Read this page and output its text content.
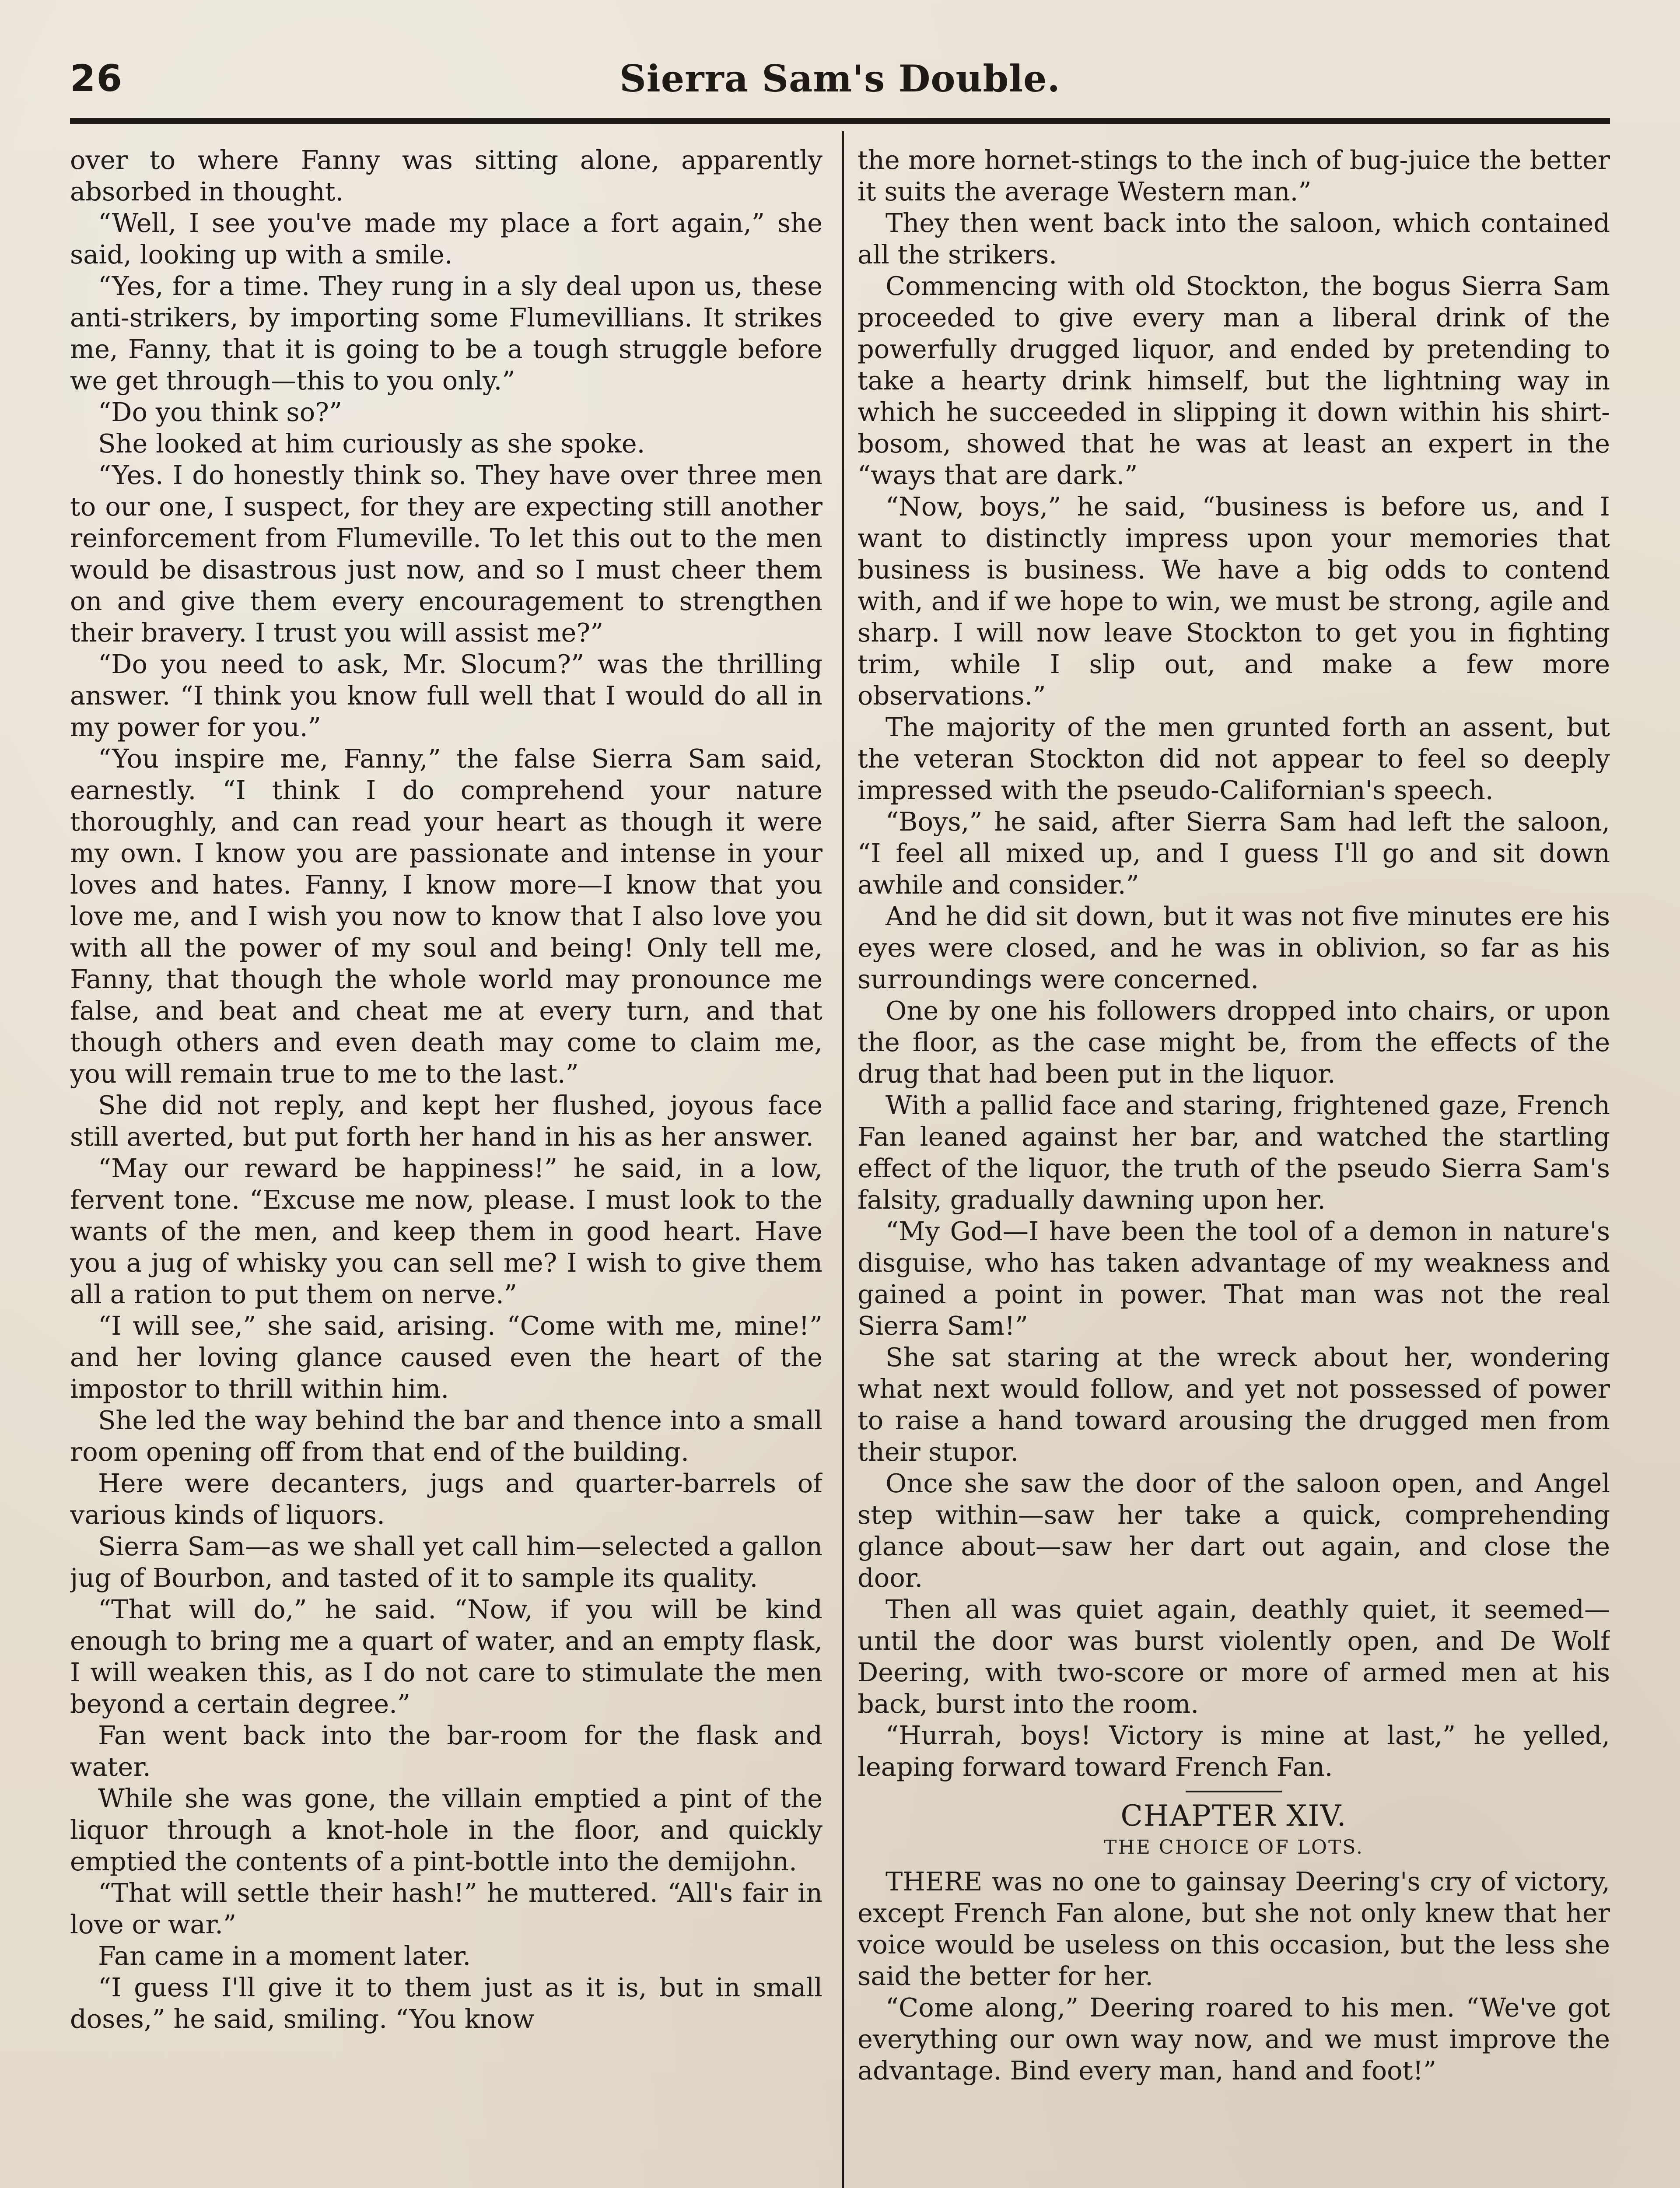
26	Sierra Sam's Double.

over to where Fanny was sitting alone, apparently absorbed in thought.

“Well, I see you've made my place a fort again,” she said, looking up with a smile.

“Yes, for a time. They rung in a sly deal upon us, these anti-strikers, by importing some Flumevillians. It strikes me, Fanny, that it is going to be a tough struggle before we get through—this to you only.”

“Do you think so?”

She looked at him curiously as she spoke.

“Yes. I do honestly think so. They have over three men to our one, I suspect, for they are expecting still another reinforcement from Flumeville. To let this out to the men would be disastrous just now, and so I must cheer them on and give them every encouragement to strengthen their bravery. I trust you will assist me?”

“Do you need to ask, Mr. Slocum?” was the thrilling answer. “I think you know full well that I would do all in my power for you.”

“You inspire me, Fanny,” the false Sierra Sam said, earnestly. “I think I do comprehend your nature thoroughly, and can read your heart as though it were my own. I know you are passionate and intense in your loves and hates. Fanny, I know more—I know that you love me, and I wish you now to know that I also love you with all the power of my soul and being! Only tell me, Fanny, that though the whole world may pronounce me false, and beat and cheat me at every turn, and that though others and even death may come to claim me, you will remain true to me to the last.”

She did not reply, and kept her flushed, joyous face still averted, but put forth her hand in his as her answer.

“May our reward be happiness!” he said, in a low, fervent tone. “Excuse me now, please. I must look to the wants of the men, and keep them in good heart. Have you a jug of whisky you can sell me? I wish to give them all a ration to put them on nerve.”

“I will see,” she said, arising. “Come with me, mine!” and her loving glance caused even the heart of the impostor to thrill within him.

She led the way behind the bar and thence into a small room opening off from that end of the building.

Here were decanters, jugs and quarter-barrels of various kinds of liquors.

Sierra Sam—as we shall yet call him—selected a gallon jug of Bourbon, and tasted of it to sample its quality.

“That will do,” he said. “Now, if you will be kind enough to bring me a quart of water, and an empty flask, I will weaken this, as I do not care to stimulate the men beyond a certain degree.”

Fan went back into the bar-room for the flask and water.

While she was gone, the villain emptied a pint of the liquor through a knot-hole in the floor, and quickly emptied the contents of a pint-bottle into the demijohn.

“That will settle their hash!” he muttered. “All's fair in love or war.”

Fan came in a moment later.

“I guess I'll give it to them just as it is, but in small doses,” he said, smiling. “You know

the more hornet-stings to the inch of bug-juice the better it suits the average Western man.”

They then went back into the saloon, which contained all the strikers.

Commencing with old Stockton, the bogus Sierra Sam proceeded to give every man a liberal drink of the powerfully drugged liquor, and ended by pretending to take a hearty drink himself, but the lightning way in which he succeeded in slipping it down within his shirt-bosom, showed that he was at least an expert in the “ways that are dark.”

“Now, boys,” he said, “business is before us, and I want to distinctly impress upon your memories that business is business. We have a big odds to contend with, and if we hope to win, we must be strong, agile and sharp. I will now leave Stockton to get you in fighting trim, while I slip out, and make a few more observations.”

The majority of the men grunted forth an assent, but the veteran Stockton did not appear to feel so deeply impressed with the pseudo-Californian's speech.

“Boys,” he said, after Sierra Sam had left the saloon, “I feel all mixed up, and I guess I'll go and sit down awhile and consider.”

And he did sit down, but it was not five minutes ere his eyes were closed, and he was in oblivion, so far as his surroundings were concerned.

One by one his followers dropped into chairs, or upon the floor, as the case might be, from the effects of the drug that had been put in the liquor.

With a pallid face and staring, frightened gaze, French Fan leaned against her bar, and watched the startling effect of the liquor, the truth of the pseudo Sierra Sam's falsity, gradually dawning upon her.

“My God—I have been the tool of a demon in nature's disguise, who has taken advantage of my weakness and gained a point in power. That man was not the real Sierra Sam!”

She sat staring at the wreck about her, wondering what next would follow, and yet not possessed of power to raise a hand toward arousing the drugged men from their stupor.

Once she saw the door of the saloon open, and Angel step within—saw her take a quick, comprehending glance about—saw her dart out again, and close the door.

Then all was quiet again, deathly quiet, it seemed—until the door was burst violently open, and De Wolf Deering, with two-score or more of armed men at his back, burst into the room.

“Hurrah, boys! Victory is mine at last,” he yelled, leaping forward toward French Fan.

CHAPTER XIV.
THE CHOICE OF LOTS.

THERE was no one to gainsay Deering's cry of victory, except French Fan alone, but she not only knew that her voice would be useless on this occasion, but the less she said the better for her.

“Come along,” Deering roared to his men. “We've got everything our own way now, and we must improve the advantage. Bind every man, hand and foot!”
